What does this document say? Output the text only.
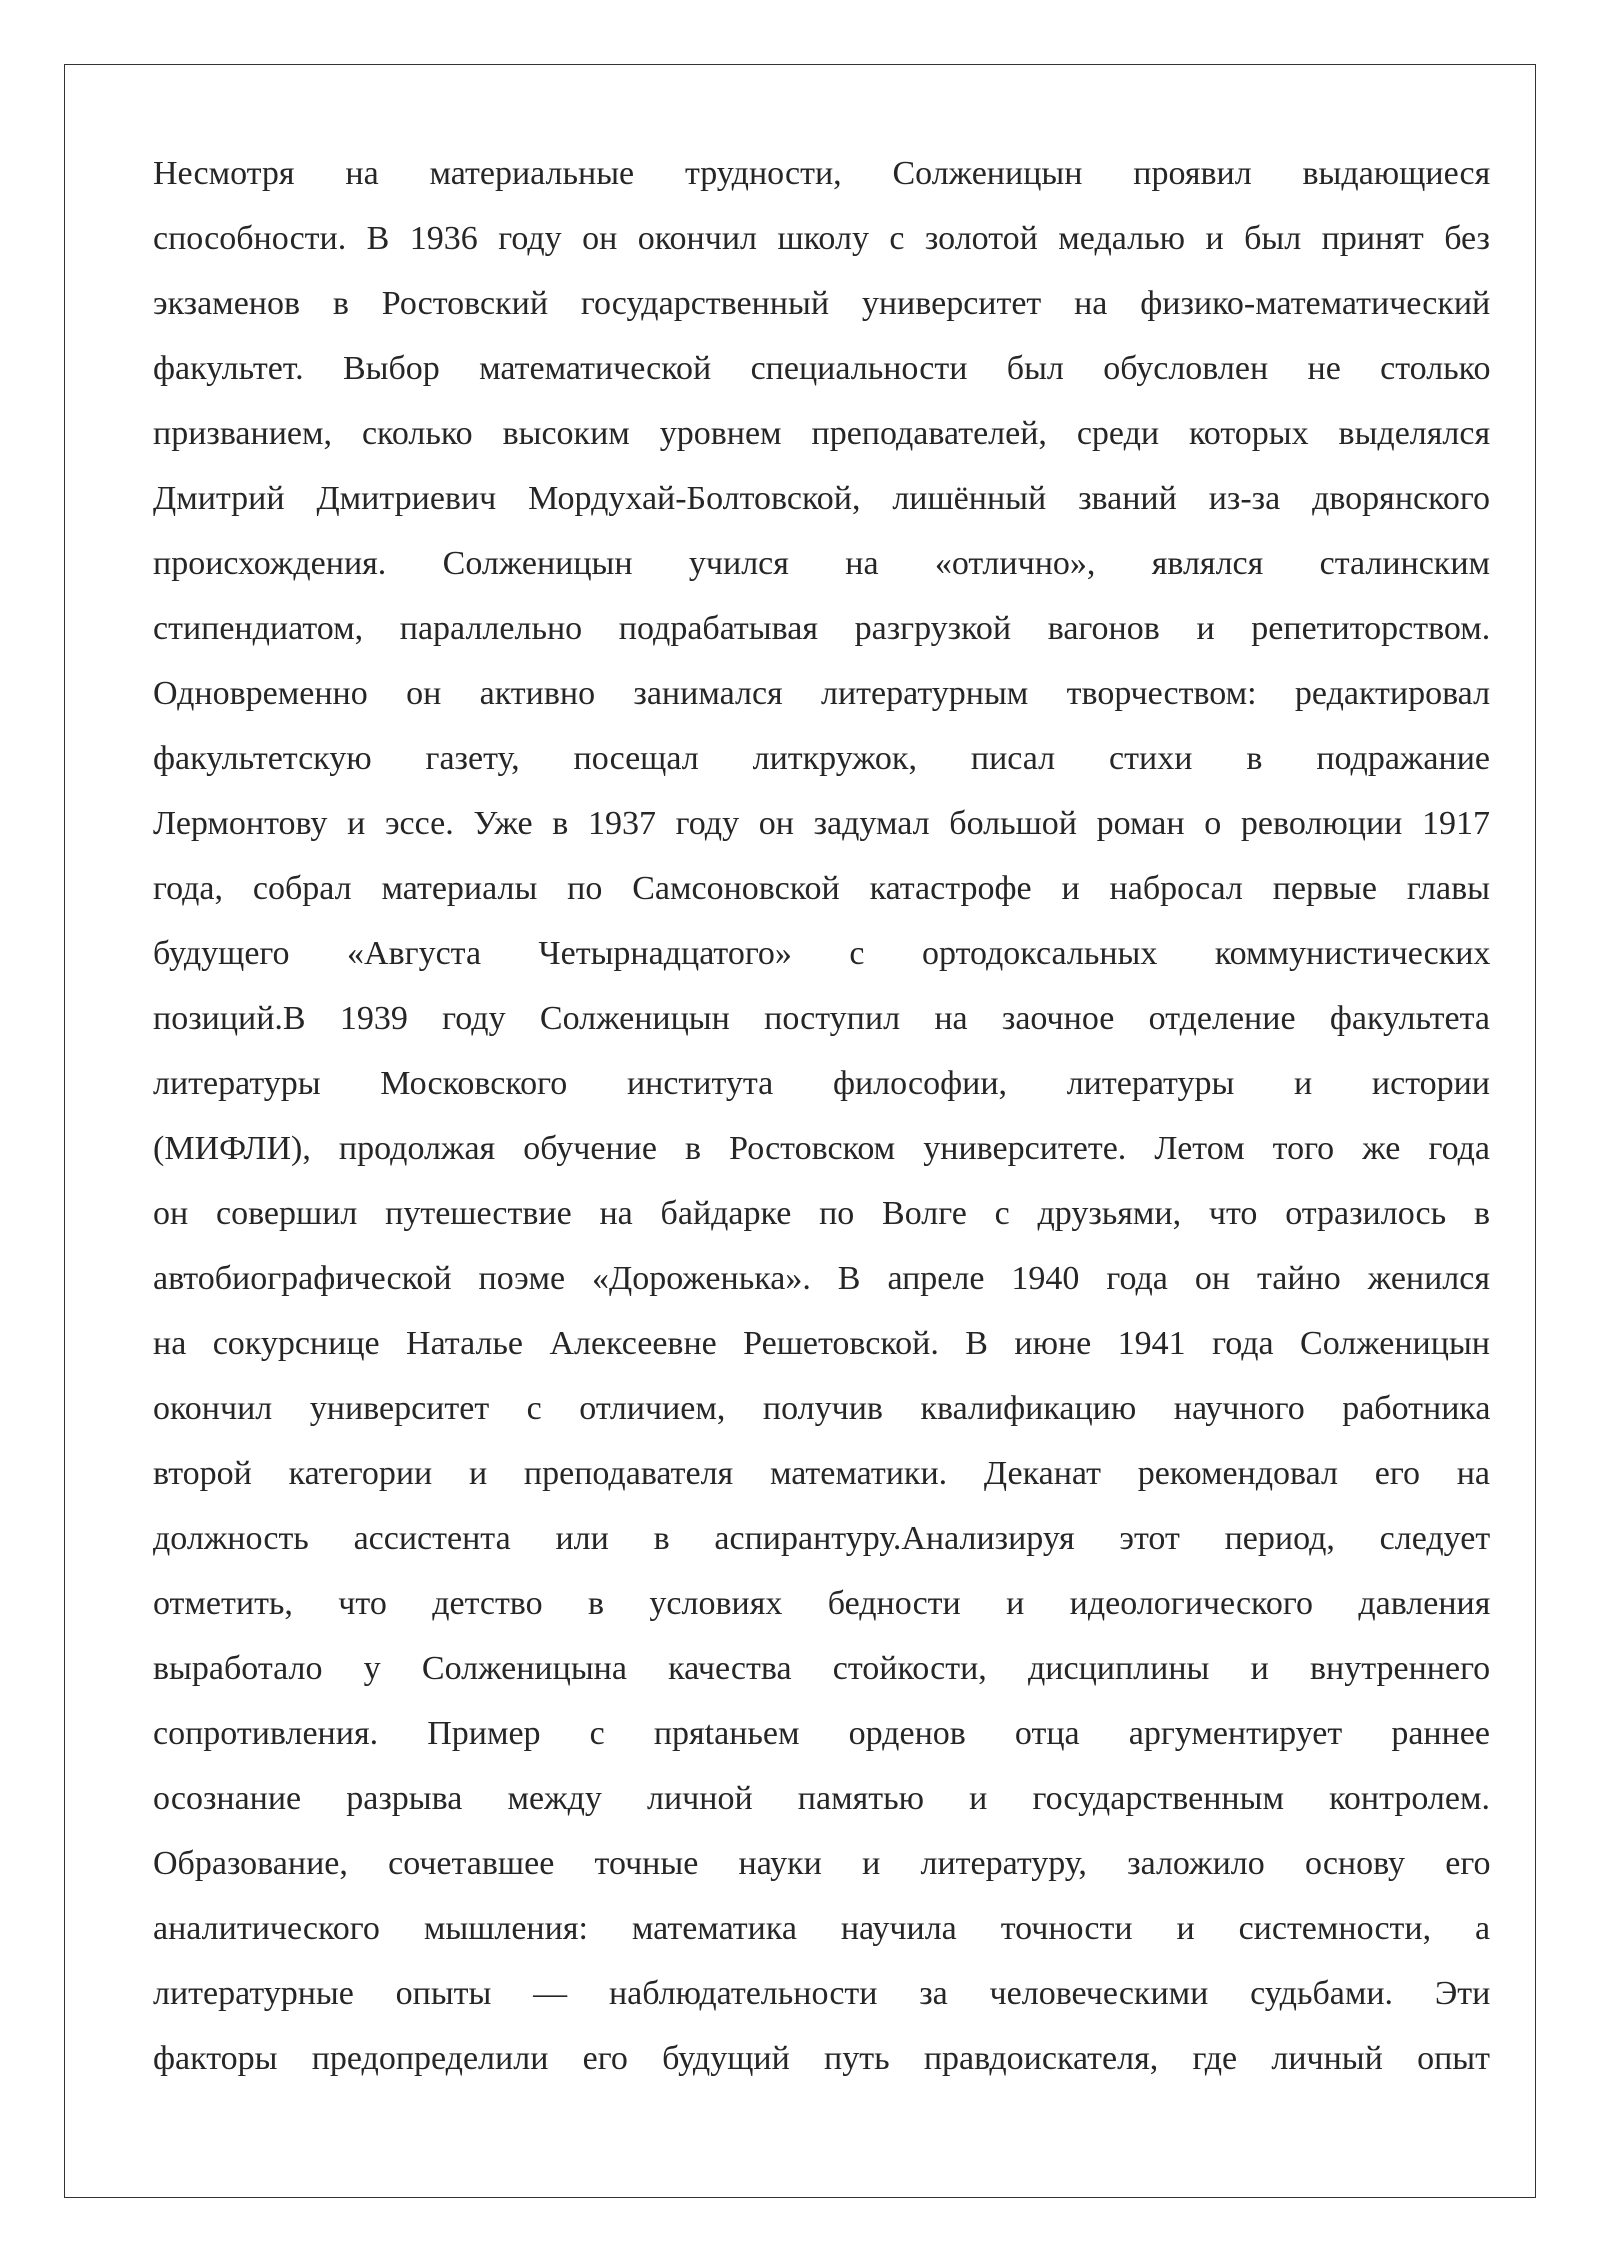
Несмотря на материальные трудности, Солженицын проявил выдающиеся
способности. В 1936 году он окончил школу с золотой медалью и был принят без
экзаменов в Ростовский государственный университет на физико-математический
факультет. Выбор математической специальности был обусловлен не столько
призванием, сколько высоким уровнем преподавателей, среди которых выделялся
Дмитрий Дмитриевич Мордухай-Болтовской, лишённый званий из-за дворянского
происхождения. Солженицын учился на «отлично», являлся сталинским
стипендиатом, параллельно подрабатывая разгрузкой вагонов и репетиторством.
Одновременно он активно занимался литературным творчеством: редактировал
факультетскую газету, посещал литкружок, писал стихи в подражание
Лермонтову и эссе. Уже в 1937 году он задумал большой роман о революции 1917
года, собрал материалы по Самсоновской катастрофе и набросал первые главы
будущего «Августа Четырнадцатого» с ортодоксальных коммунистических
позиций.В 1939 году Солженицын поступил на заочное отделение факультета
литературы Московского института философии, литературы и истории
(МИФЛИ), продолжая обучение в Ростовском университете. Летом того же года
он совершил путешествие на байдарке по Волге с друзьями, что отразилось в
автобиографической поэме «Дороженька». В апреле 1940 года он тайно женился
на сокурснице Наталье Алексеевне Решетовской. В июне 1941 года Солженицын
окончил университет с отличием, получив квалификацию научного работника
второй категории и преподавателя математики. Деканат рекомендовал его на
должность ассистента или в аспирантуру.Анализируя этот период, следует
отметить, что детство в условиях бедности и идеологического давления
выработало у Солженицына качества стойкости, дисциплины и внутреннего
сопротивления. Пример с пряtаньем орденов отца аргументирует раннее
осознание разрыва между личной памятью и государственным контролем.
Образование, сочетавшее точные науки и литературу, заложило основу его
аналитического мышления: математика научила точности и системности, а
литературные опыты — наблюдательности за человеческими судьбами. Эти
факторы предопределили его будущий путь правдоискателя, где личный опыт
